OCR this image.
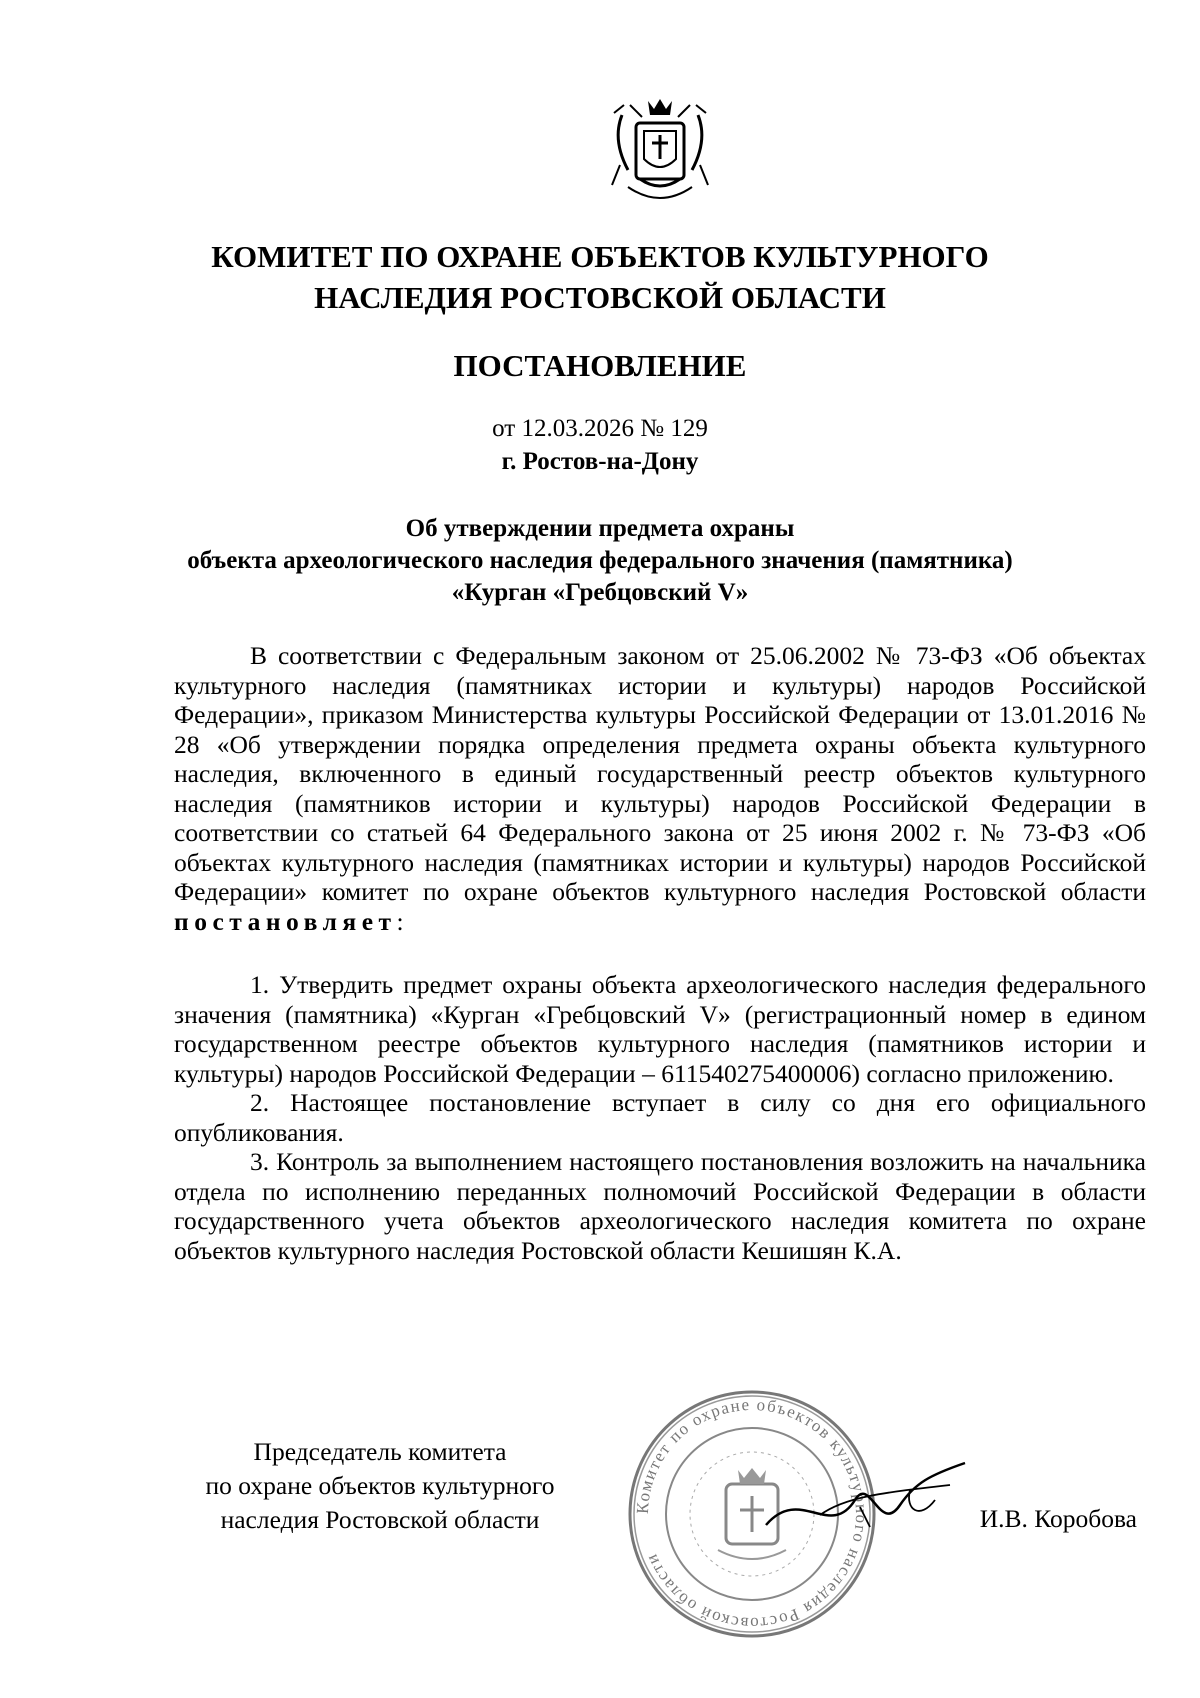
КОМИТЕТ ПО ОХРАНЕ ОБЪЕКТОВ КУЛЬТУРНОГО
НАСЛЕДИЯ РОСТОВСКОЙ ОБЛАСТИ
ПОСТАНОВЛЕНИЕ
от 12.03.2026 № 129
г. Ростов-на-Дону
Об утверждении предмета охраны
объекта археологического наследия федерального значения (памятника)
«Курган «Гребцовский V»

В соответствии с Федеральным законом от 25.06.2002 № 73-ФЗ «Об объектах культурного наследия (памятниках истории и культуры) народов Российской Федерации», приказом Министерства культуры Российской Федерации от 13.01.2016 № 28 «Об утверждении порядка определения предмета охраны объекта культурного наследия, включенного в единый государственный реестр объектов культурного наследия (памятников истории и культуры) народов Российской Федерации в соответствии со статьей 64 Федерального закона от 25 июня 2002 г. № 73-ФЗ «Об объектах культурного наследия (памятниках истории и культуры) народов Российской Федерации» комитет по охране объектов культурного наследия Ростовской области постановляет:

1. Утвердить предмет охраны объекта археологического наследия федерального значения (памятника) «Курган «Гребцовский V» (регистрационный номер в едином государственном реестре объектов культурного наследия (памятников истории и культуры) народов Российской Федерации – 611540275400006) согласно приложению.

2. Настоящее постановление вступает в силу со дня его официального опубликования.

3. Контроль за выполнением настоящего постановления возложить на начальника отдела по исполнению переданных полномочий Российской Федерации в области государственного учета объектов археологического наследия комитета по охране объектов культурного наследия Ростовской области Кешишян К.А.

Председатель комитета
по охране объектов культурного
наследия Ростовской области	Комитет по охране объектов культурного наследия Ростовской области
И.В. Коробова
